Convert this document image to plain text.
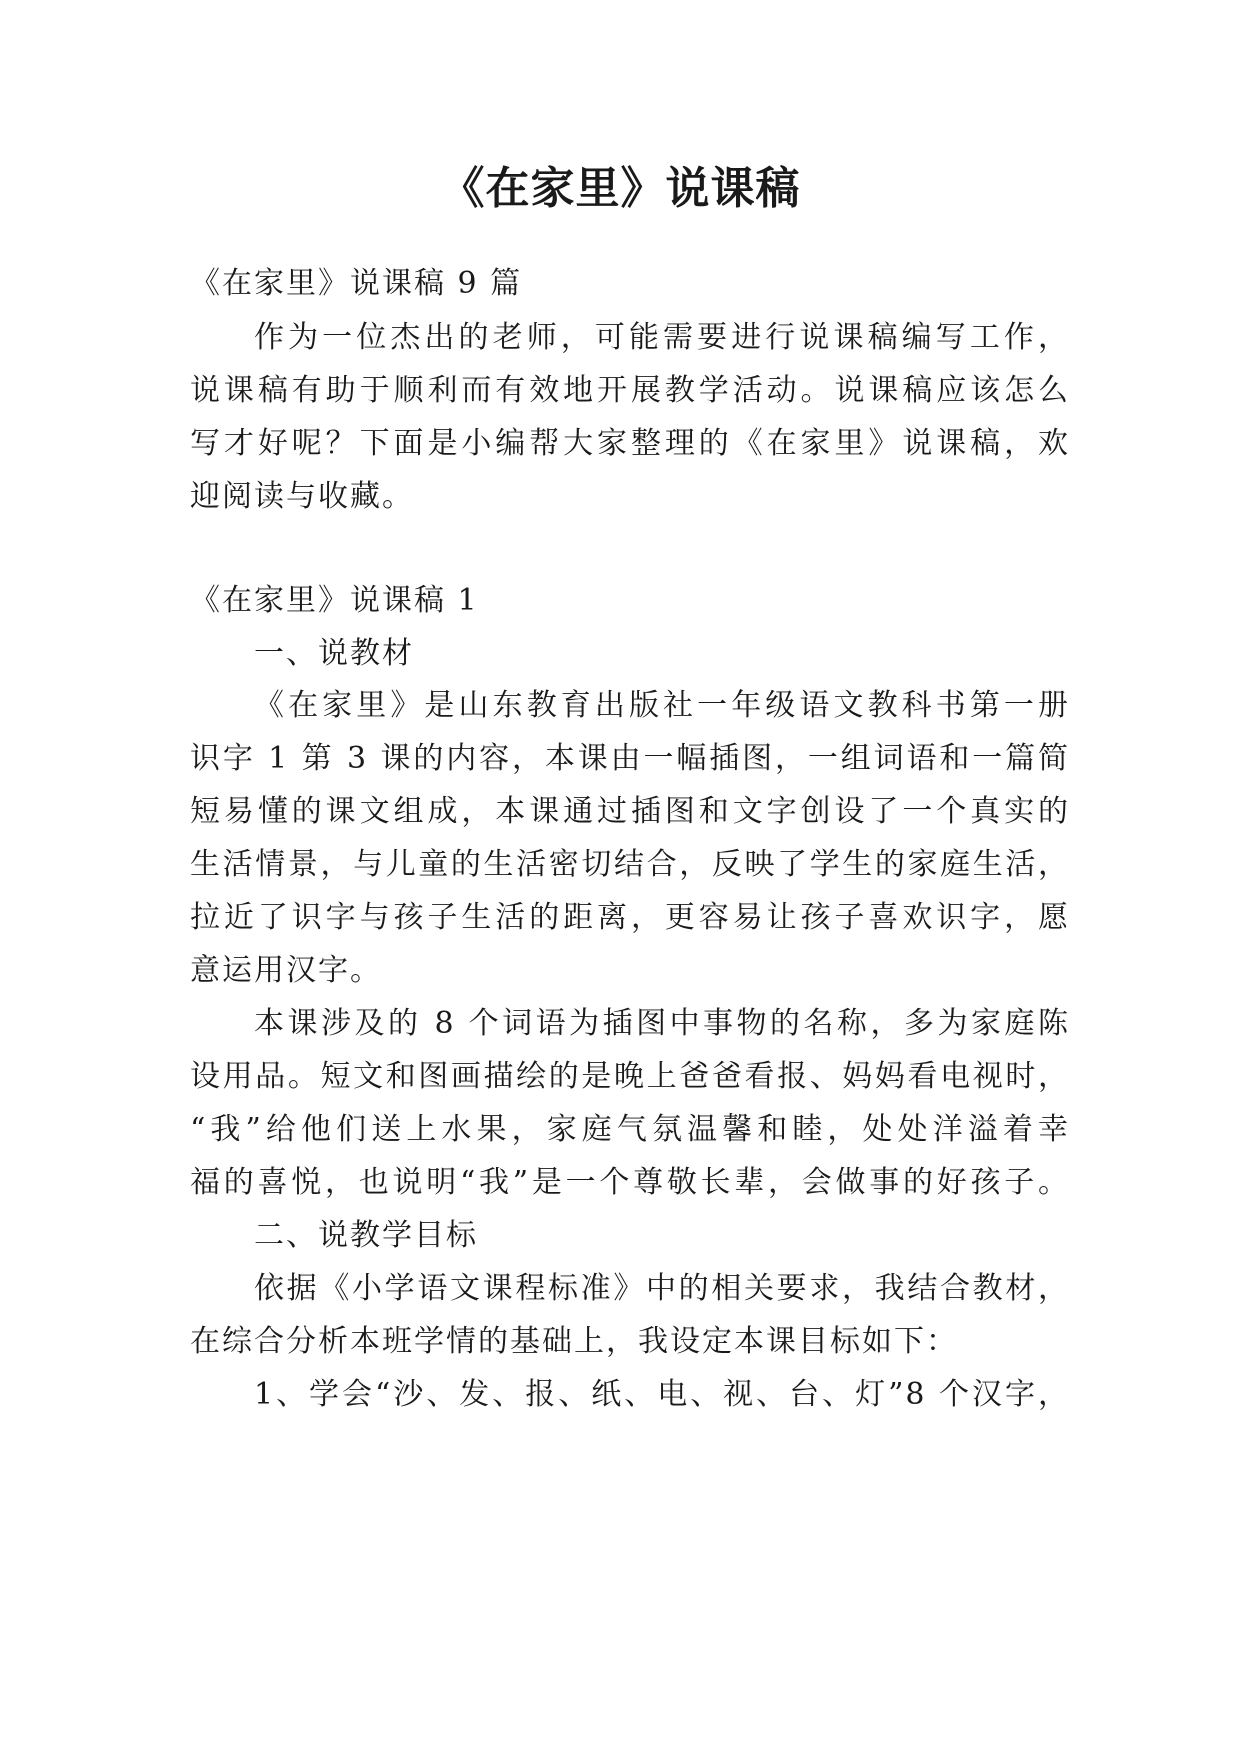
《在家里》说课稿
《在家里》说课稿 9 篇
作为一位杰出的老师，可能需要进行说课稿编写工作，
说课稿有助于顺利而有效地开展教学活动。说课稿应该怎么
写才好呢？下面是小编帮大家整理的《在家里》说课稿，欢
迎阅读与收藏。
《在家里》说课稿 1
一、说教材
《在家里》是山东教育出版社一年级语文教科书第一册
识字 1 第 3 课的内容，本课由一幅插图，一组词语和一篇简
短易懂的课文组成，本课通过插图和文字创设了一个真实的
生活情景，与儿童的生活密切结合，反映了学生的家庭生活，
拉近了识字与孩子生活的距离，更容易让孩子喜欢识字，愿
意运用汉字。
本课涉及的 8 个词语为插图中事物的名称，多为家庭陈
设用品。短文和图画描绘的是晚上爸爸看报、妈妈看电视时，
“我”给他们送上水果，家庭气氛温馨和睦，处处洋溢着幸
福的喜悦，也说明“我”是一个尊敬长辈，会做事的好孩子。
二、说教学目标
依据《小学语文课程标准》中的相关要求，我结合教材，
在综合分析本班学情的基础上，我设定本课目标如下：
1、学会“沙、发、报、纸、电、视、台、灯”8 个汉字，
